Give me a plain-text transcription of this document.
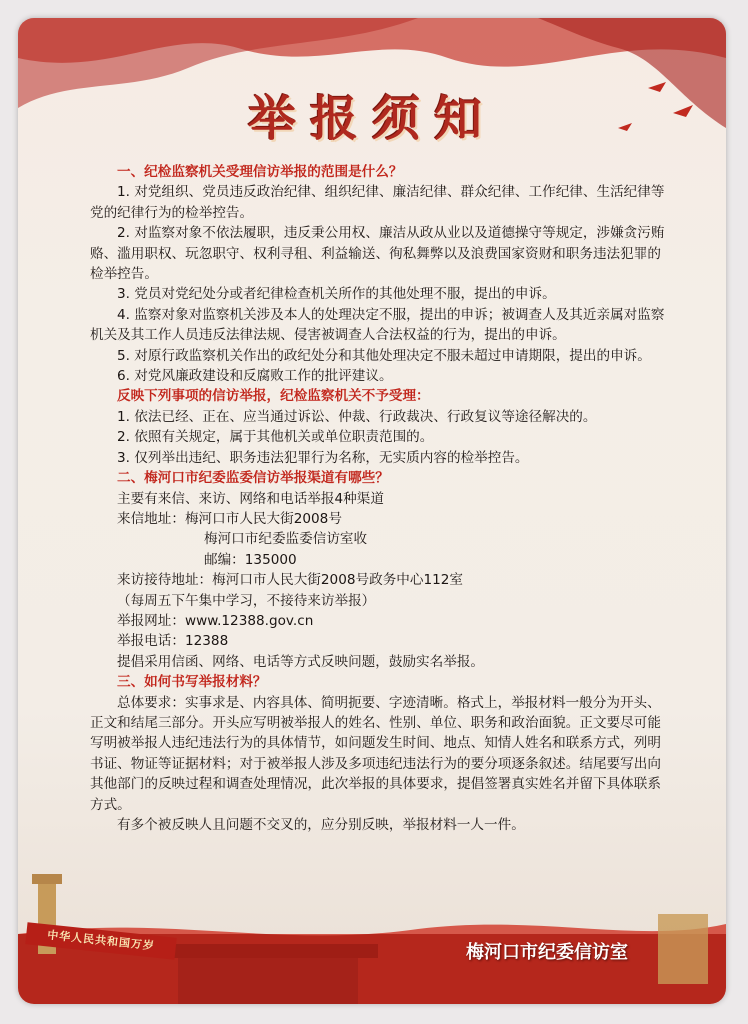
举报须知

一、纪检监察机关受理信访举报的范围是什么？

1. 对党组织、党员违反政治纪律、组织纪律、廉洁纪律、群众纪律、工作纪律、生活纪律等党的纪律行为的检举控告。

2. 对监察对象不依法履职，违反秉公用权、廉洁从政从业以及道德操守等规定，涉嫌贪污贿赂、滥用职权、玩忽职守、权利寻租、利益输送、徇私舞弊以及浪费国家资财和职务违法犯罪的检举控告。

3. 党员对党纪处分或者纪律检查机关所作的其他处理不服，提出的申诉。

4. 监察对象对监察机关涉及本人的处理决定不服，提出的申诉；被调查人及其近亲属对监察机关及其工作人员违反法律法规、侵害被调查人合法权益的行为，提出的申诉。

5. 对原行政监察机关作出的政纪处分和其他处理决定不服未超过申请期限，提出的申诉。

6. 对党风廉政建设和反腐败工作的批评建议。

反映下列事项的信访举报，纪检监察机关不予受理：

1. 依法已经、正在、应当通过诉讼、仲裁、行政裁决、行政复议等途径解决的。

2. 依照有关规定，属于其他机关或单位职责范围的。

3. 仅列举出违纪、职务违法犯罪行为名称，无实质内容的检举控告。

二、梅河口市纪委监委信访举报渠道有哪些？

主要有来信、来访、网络和电话举报4种渠道

来信地址：梅河口市人民大街2008号

梅河口市纪委监委信访室收

邮编：135000

来访接待地址：梅河口市人民大街2008号政务中心112室

（每周五下午集中学习，不接待来访举报）

举报网址：www.12388.gov.cn

举报电话：12388

提倡采用信函、网络、电话等方式反映问题，鼓励实名举报。

三、如何书写举报材料？

总体要求：实事求是、内容具体、简明扼要、字迹清晰。格式上，举报材料一般分为开头、正文和结尾三部分。开头应写明被举报人的姓名、性别、单位、职务和政治面貌。正文要尽可能写明被举报人违纪违法行为的具体情节，如问题发生时间、地点、知情人姓名和联系方式，列明书证、物证等证据材料；对于被举报人涉及多项违纪违法行为的要分项逐条叙述。结尾要写出向其他部门的反映过程和调查处理情况，此次举报的具体要求，提倡签署真实姓名并留下具体联系方式。

有多个被反映人且问题不交叉的，应分别反映，举报材料一人一件。

中华人民共和国万岁	梅河口市纪委信访室
